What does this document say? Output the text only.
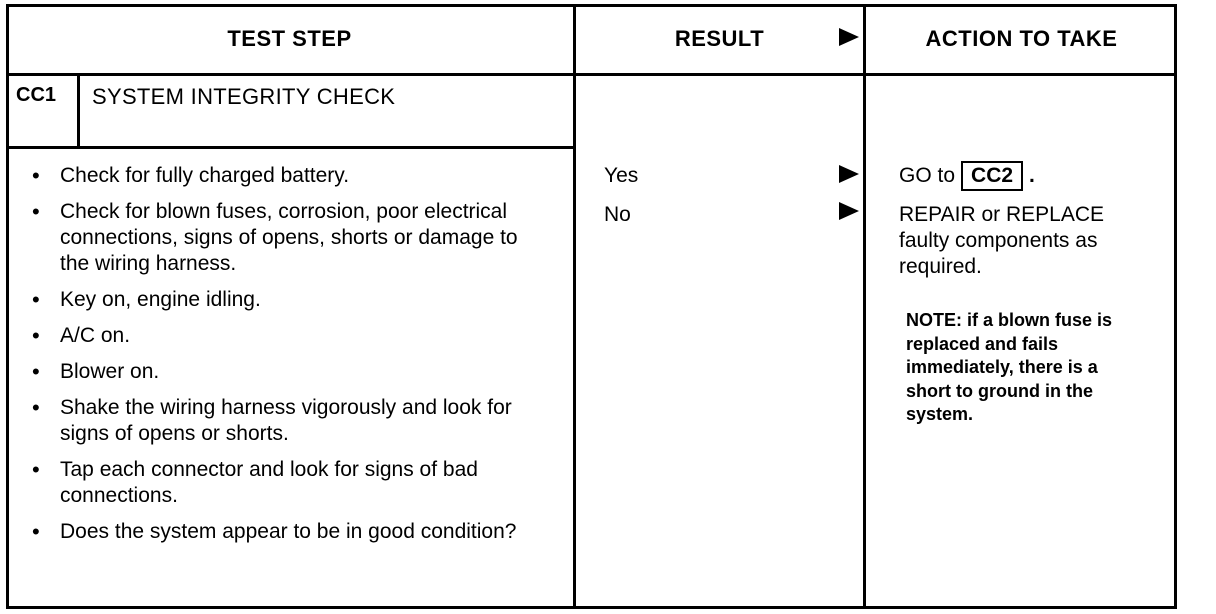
TEST STEP	RESULT	ACTION TO TAKE
CC1 SYSTEM INTEGRITY CHECK
• Check for fully charged battery.
• Check for blown fuses, corrosion, poor electrical connections, signs of opens, shorts or damage to the wiring harness.
• Key on, engine idling.
• A/C on.
• Blower on.
• Shake the wiring harness vigorously and look for signs of opens or shorts.
• Tap each connector and look for signs of bad connections.
• Does the system appear to be in good condition?
Yes
No
GO to CC2 .
REPAIR or REPLACE faulty components as required.
NOTE: if a blown fuse is replaced and fails immediately, there is a short to ground in the system.
